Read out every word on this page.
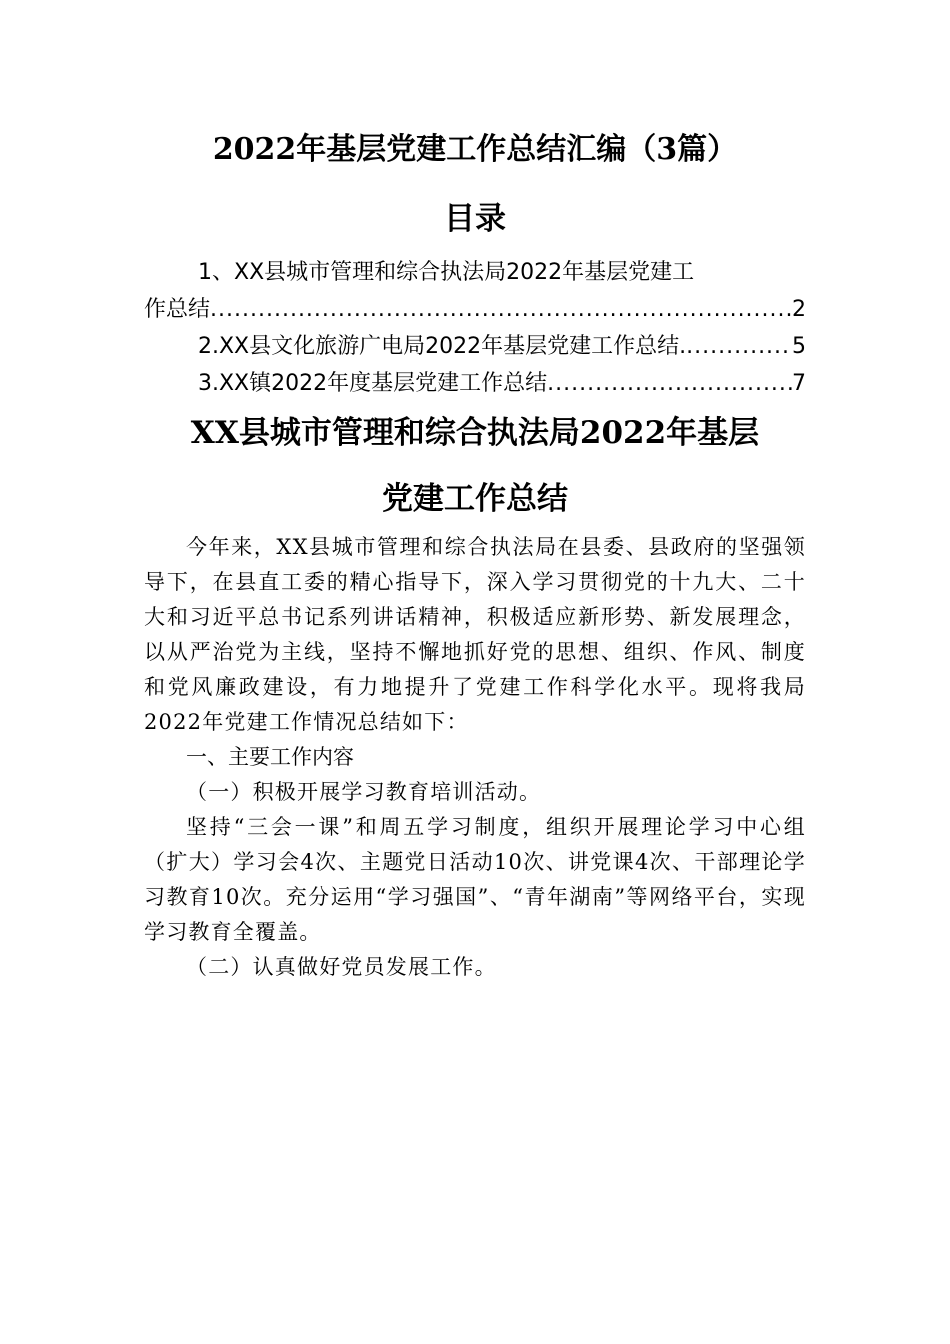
2022年基层党建工作总结汇编（3篇）
目录
1、XX县城市管理和综合执法局2022年基层党建工
作总结 .....	2
2.XX县文化旅游广电局2022年基层党建工作总结. .....	5
3.XX镇2022年度基层党建工作总结 .....	7
XX县城市管理和综合执法局2022年基层
党建工作总结

今年来，XX县城市管理和综合执法局在县委、县政府的坚强领导下，在县直工委的精心指导下，深入学习贯彻党的十九大、二十大和习近平总书记系列讲话精神，积极适应新形势、新发展理念，以从严治党为主线，坚持不懈地抓好党的思想、组织、作风、制度和党风廉政建设，有力地提升了党建工作科学化水平。现将我局2022年党建工作情况总结如下：

一、主要工作内容

（一）积极开展学习教育培训活动。

坚持“三会一课”和周五学习制度，组织开展理论学习中心组（扩大）学习会4次、主题党日活动10次、讲党课4次、干部理论学习教育10次。充分运用“学习强国”、“青年湖南”等网络平台，实现学习教育全覆盖。

（二）认真做好党员发展工作。
